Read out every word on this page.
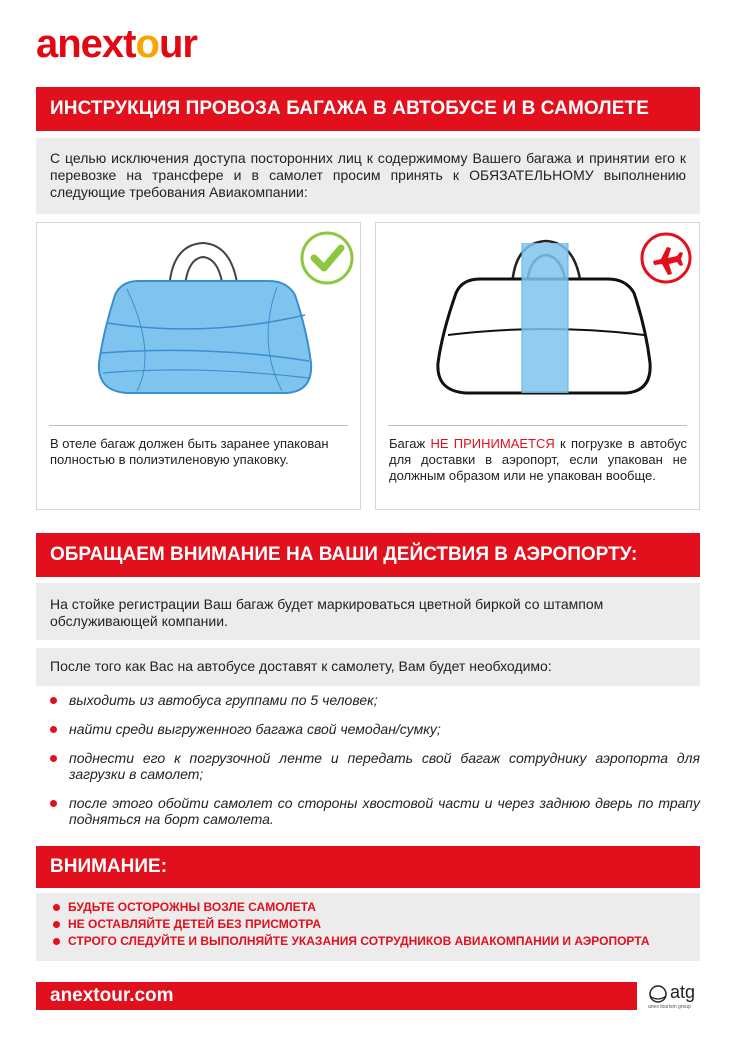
anextour
ИНСТРУКЦИЯ ПРОВОЗА БАГАЖА В АВТОБУСЕ И В САМОЛЕТЕ

С целью исключения доступа посторонних лиц к содержимому Вашего багажа и принятии его к перевозке на трансфере и в самолет просим принять к ОБЯЗАТЕЛЬНОМУ выполнению следующие требования Авиакомпании:

В отеле багаж должен быть заранее упакован полностью в полиэтиленовую упаковку.
Багаж НЕ ПРИНИМАЕТСЯ к погрузке в автобус для доставки в аэропорт, если упакован не должным образом или не упакован вообще.
ОБРАЩАЕМ ВНИМАНИЕ НА ВАШИ ДЕЙСТВИЯ В АЭРОПОРТУ:

На стойке регистрации Ваш багаж будет маркироваться цветной биркой со штампом обслуживающей компании.

После того как Вас на автобусе доставят к самолету, Вам будет необходимо:

выходить из автобуса группами по 5 человек;
найти среди выгруженного багажа свой чемодан/сумку;
поднести его к погрузочной ленте и передать свой багаж сотруднику аэропорта для загрузки в самолет;
после этого обойти самолет со стороны хвостовой части и через заднюю дверь по трапу подняться на борт самолета.
ВНИМАНИЕ:
БУДЬТЕ ОСТОРОЖНЫ ВОЗЛЕ САМОЛЕТА
НЕ ОСТАВЛЯЙТЕ ДЕТЕЙ БЕЗ ПРИСМОТРА
СТРОГО СЛЕДУЙТЕ И ВЫПОЛНЯЙТЕ УКАЗАНИЯ СОТРУДНИКОВ АВИАКОМПАНИИ И АЭРОПОРТА
anextour.com	atg
anex tourism group
